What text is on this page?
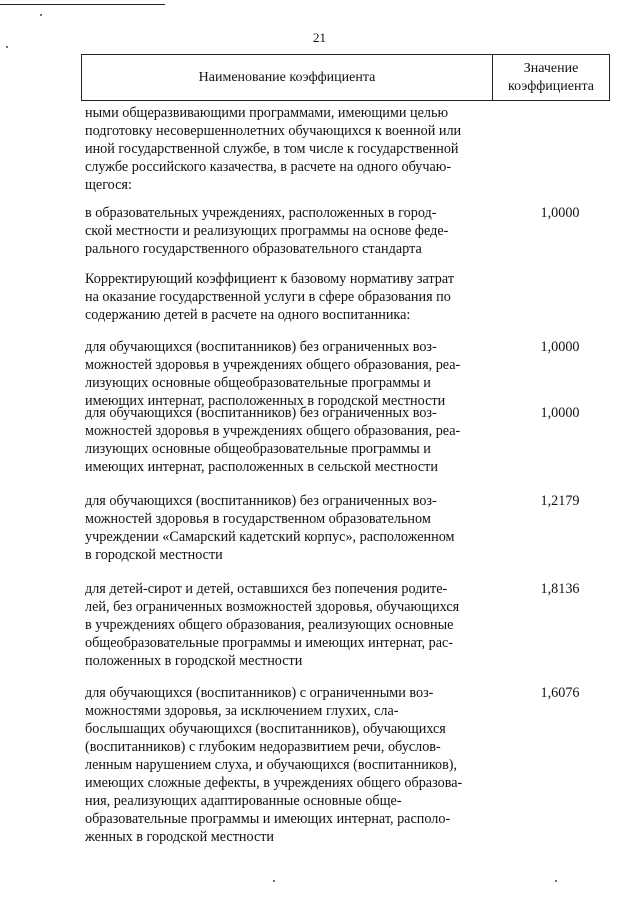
21
Наименование коэффициента
Значение
коэффициента
ными общеразвивающими программами, имеющими целью
подготовку несовершеннолетних обучающихся к военной или
иной государственной службе, в том числе к государственной
службе российского казачества, в расчете на одного обучаю-
щегося:
в образовательных учреждениях, расположенных в город-
ской местности и реализующих программы на основе феде-
рального государственного образовательного стандарта
1,0000
Корректирующий коэффициент к базовому нормативу затрат
на оказание государственной услуги в сфере образования по
содержанию детей в расчете на одного воспитанника:
для обучающихся (воспитанников) без ограниченных воз-
можностей здоровья в учреждениях общего образования, реа-
лизующих основные общеобразовательные программы и
имеющих интернат, расположенных в городской местности
1,0000
для обучающихся (воспитанников) без ограниченных воз-
можностей здоровья в учреждениях общего образования, реа-
лизующих основные общеобразовательные программы и
имеющих интернат, расположенных в сельской местности
1,0000
для обучающихся (воспитанников) без ограниченных воз-
можностей здоровья в государственном образовательном
учреждении «Самарский кадетский корпус», расположенном
в городской местности
1,2179
для детей-сирот и детей, оставшихся без попечения родите-
лей, без ограниченных возможностей здоровья, обучающихся
в учреждениях общего образования, реализующих основные
общеобразовательные программы и имеющих интернат, рас-
положенных в городской местности
1,8136
для обучающихся (воспитанников) с ограниченными воз-
можностями здоровья, за исключением глухих, сла-
бослышащих обучающихся (воспитанников), обучающихся
(воспитанников) с глубоким недоразвитием речи, обуслов-
ленным нарушением слуха, и обучающихся (воспитанников),
имеющих сложные дефекты, в учреждениях общего образова-
ния, реализующих адаптированные основные обще-
образовательные программы и имеющих интернат, располо-
женных в городской местности
1,6076
